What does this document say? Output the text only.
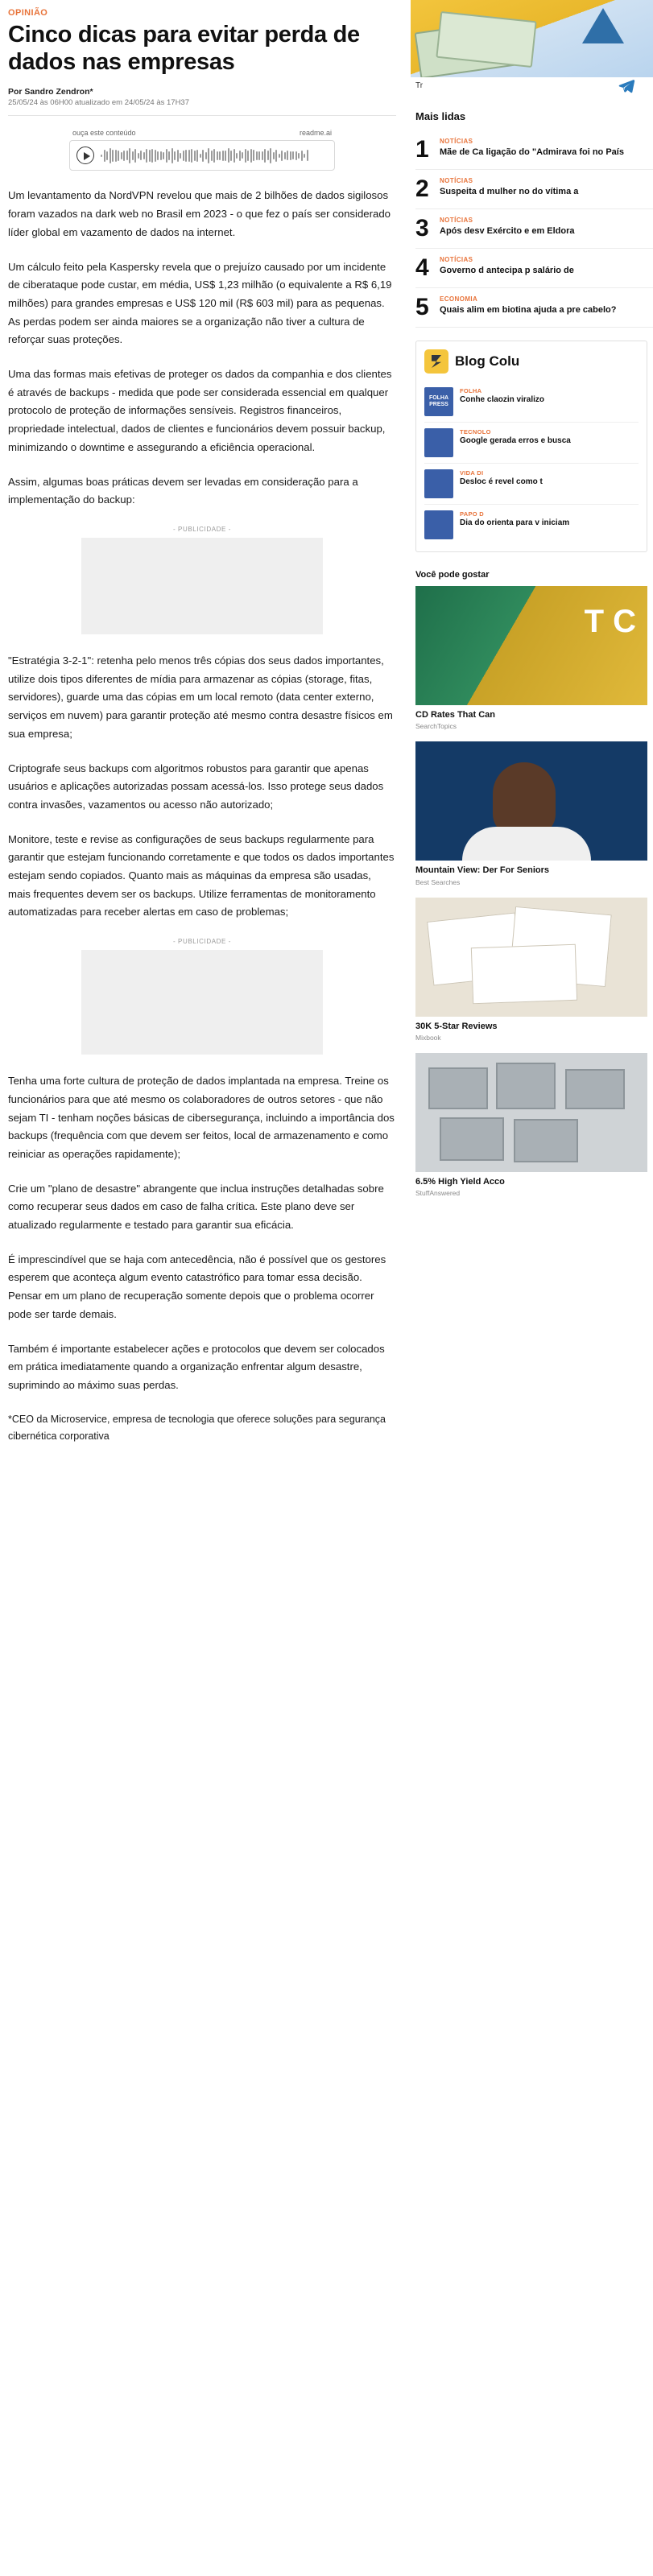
OPINIÃO
Cinco dicas para evitar perda de dados nas empresas
Por Sandro Zendron*
25/05/24 às 06H00 atualizado em 24/05/24 às 17H37
ouça este conteúdo	readme.ai

Um levantamento da NordVPN revelou que mais de 2 bilhões de dados sigilosos foram vazados na dark web no Brasil em 2023 - o que fez o país ser considerado líder global em vazamento de dados na internet.

Um cálculo feito pela Kaspersky revela que o prejuízo causado por um incidente de ciberataque pode custar, em média, US$ 1,23 milhão (o equivalente a R$ 6,19 milhões) para grandes empresas e US$ 120 mil (R$ 603 mil) para as pequenas. As perdas podem ser ainda maiores se a organização não tiver a cultura de reforçar suas proteções.

Uma das formas mais efetivas de proteger os dados da companhia e dos clientes é através de backups - medida que pode ser considerada essencial em qualquer protocolo de proteção de informações sensíveis. Registros financeiros, propriedade intelectual, dados de clientes e funcionários devem possuir backup, minimizando o downtime e assegurando a eficiência operacional.

Assim, algumas boas práticas devem ser levadas em consideração para a implementação do backup:

- PUBLICIDADE -

"Estratégia 3-2-1": retenha pelo menos três cópias dos seus dados importantes, utilize dois tipos diferentes de mídia para armazenar as cópias (storage, fitas, servidores), guarde uma das cópias em um local remoto (data center externo, serviços em nuvem) para garantir proteção até mesmo contra desastre físicos em sua empresa;

Criptografe seus backups com algoritmos robustos para garantir que apenas usuários e aplicações autorizadas possam acessá-los. Isso protege seus dados contra invasões, vazamentos ou acesso não autorizado;

Monitore, teste e revise as configurações de seus backups regularmente para garantir que estejam funcionando corretamente e que todos os dados importantes estejam sendo copiados. Quanto mais as máquinas da empresa são usadas, mais frequentes devem ser os backups. Utilize ferramentas de monitoramento automatizadas para receber alertas em caso de problemas;

- PUBLICIDADE -

Tenha uma forte cultura de proteção de dados implantada na empresa. Treine os funcionários para que até mesmo os colaboradores de outros setores - que não sejam TI - tenham noções básicas de cibersegurança, incluindo a importância dos backups (frequência com que devem ser feitos, local de armazenamento e como reiniciar as operações rapidamente);

Crie um "plano de desastre" abrangente que inclua instruções detalhadas sobre como recuperar seus dados em caso de falha crítica. Este plano deve ser atualizado regularmente e testado para garantir sua eficácia.

É imprescindível que se haja com antecedência, não é possível que os gestores esperem que aconteça algum evento catastrófico para tomar essa decisão. Pensar em um plano de recuperação somente depois que o problema ocorrer pode ser tarde demais.

Também é importante estabelecer ações e protocolos que devem ser colocados em prática imediatamente quando a organização enfrentar algum desastre, suprimindo ao máximo suas perdas.

*CEO da Microservice, empresa de tecnologia que oferece soluções para segurança cibernética corporativa

Tr
Mais lidas
1	NOTÍCIAS
Mãe de Ca ligação do "Admirava foi no País
2	NOTÍCIAS
Suspeita d mulher no do vítima a
3	NOTÍCIAS
Após desv Exército e em Eldora
4	NOTÍCIAS
Governo d antecipa p salário de
5	ECONOMIA
Quais alim em biotina ajuda a pre cabelo?
Blog Colu
FOLHA PRESS
FOLHA
Conhe claozin viralizo
TECNOLO
Google gerada erros e busca
VIDA DI
Desloc é revel como t
PAPO D
Dia do orienta para v iniciam
Você pode gostar
T C
CD Rates That Can
SearchTopics
Mountain View: Der For Seniors
Best Searches
30K 5-Star Reviews
Mixbook
6.5% High Yield Acco
StuffAnswered
